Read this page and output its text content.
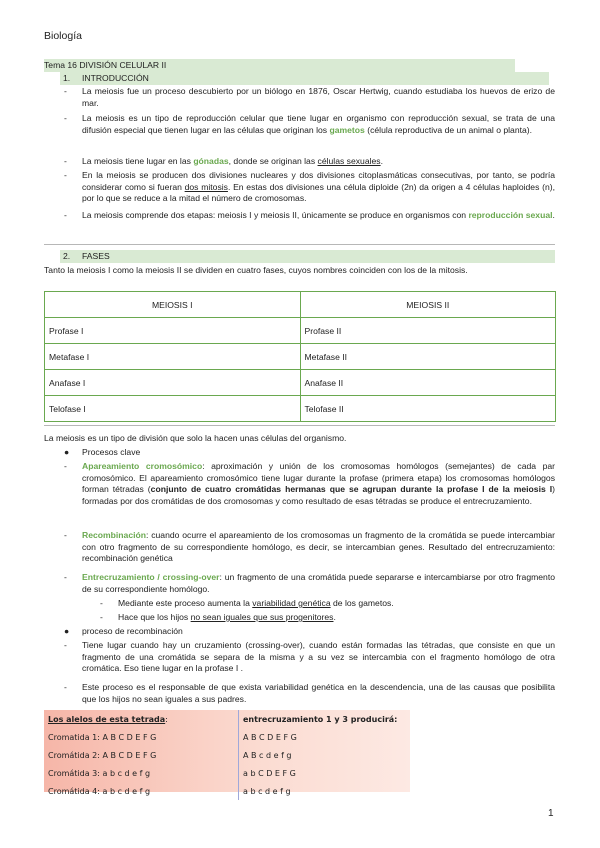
Biología
Tema 16 DIVISIÓN CELULAR II
1. INTRODUCCIÓN
- La meiosis fue un proceso descubierto por un biólogo en 1876, Oscar Hertwig, cuando estudiaba los huevos de erizo de mar.
- La meiosis es un tipo de reproducción celular que tiene lugar en organismo con reproducción sexual, se trata de una difusión especial que tienen lugar en las células que originan los gametos (célula reproductiva de un animal o planta).
- La meiosis tiene lugar en las gónadas, donde se originan las células sexuales.
- En la meiosis se producen dos divisiones nucleares y dos divisiones citoplasmáticas consecutivas, por tanto, se podría considerar como si fueran dos mitosis. En estas dos divisiones una célula diploide (2n) da origen a 4 células haploides (n), por lo que se reduce a la mitad el número de cromosomas.
- La meiosis comprende dos etapas: meiosis I y meiosis II, únicamente se produce en organismos con reproducción sexual.
2. FASES
Tanto la meiosis I como la meiosis II se dividen en cuatro fases, cuyos nombres coinciden con los de la mitosis.
MEIOSIS I	MEIOSIS II
Profase I	Profase II
Metafase I	Metafase II
Anafase I	Anafase II
Telofase I	Telofase II
La meiosis es un tipo de división que solo la hacen unas células del organismo.
● Procesos clave
- Apareamiento cromosómico: aproximación y unión de los cromosomas homólogos (semejantes) de cada par cromosómico. El apareamiento cromosómico tiene lugar durante la profase (primera etapa) los cromosomas homólogos forman tétradas (conjunto de cuatro cromátidas hermanas que se agrupan durante la profase I de la meiosis I) formadas por dos cromátidas de dos cromosomas y como resultado de esas tétradas se produce el entrecruzamiento.
- Recombinación: cuando ocurre el apareamiento de los cromosomas un fragmento de la cromátida se puede intercambiar con otro fragmento de su correspondiente homólogo, es decir, se intercambian genes. Resultado del entrecruzamiento: recombinación genética
- Entrecruzamiento / crossing-over: un fragmento de una cromátida puede separarse e intercambiarse por otro fragmento de su correspondiente homólogo.
- Mediante este proceso aumenta la variabilidad genética de los gametos.
- Hace que los hijos no sean iguales que sus progenitores.
● proceso de recombinación
- Tiene lugar cuando hay un cruzamiento (crossing-over), cuando están formadas las tétradas, que consiste en que un fragmento de una cromátida se separa de la misma y a su vez se intercambia con el fragmento homólogo de otra cromática. Eso tiene lugar en la profase I .
- Este proceso es el responsable de que exista variabilidad genética en la descendencia, una de las causas que posibilita que los hijos no sean iguales a sus padres.
Los alelos de esta tetrada:	entrecruzamiento 1 y 3 producirá:
Cromatida 1: A B C D E F G	A B C D E F G
Cromátida 2: A B C D E F G	A B c d e f g
Cromátida 3: a b c d e f g	a b C D E F G
Cromátida 4: a b c d e f g	a b c d e f g
1
